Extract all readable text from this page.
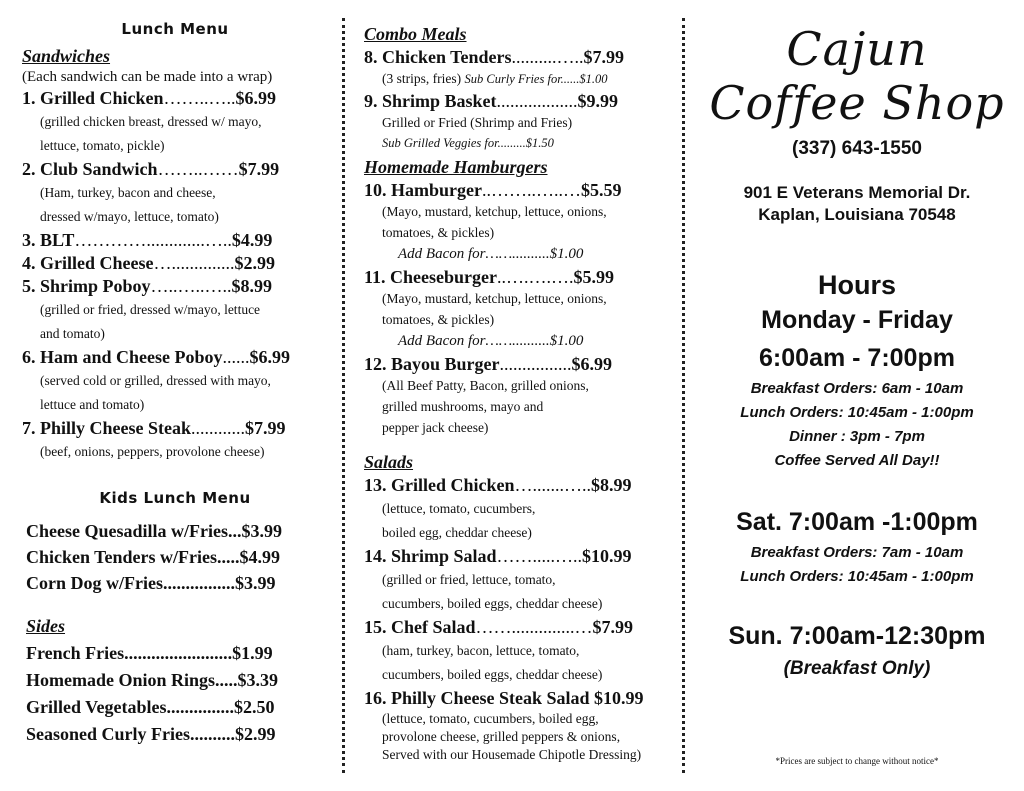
Lunch Menu
Sandwiches
(Each sandwich can be made into a wrap)
1. Grilled Chicken……..…..$6.99
(grilled chicken breast, dressed w/ mayo,
lettuce, tomato, pickle)
2. Club Sandwich……..……$7.99
(Ham, turkey, bacon and cheese,
dressed w/mayo, lettuce, tomato)
3. BLT………….............…..$4.99
4. Grilled Cheese…..............$2.99
5. Shrimp Poboy…..…..…..$8.99
(grilled or fried, dressed w/mayo, lettuce
and tomato)
6. Ham and Cheese Poboy......$6.99
(served cold or grilled, dressed with mayo,
lettuce and tomato)
7. Philly Cheese Steak............$7.99
(beef, onions, peppers, provolone cheese)
Kids Lunch Menu
Cheese Quesadilla w/Fries...$3.99
Chicken Tenders w/Fries.....$4.99
Corn Dog w/Fries................$3.99
Sides
French Fries........................$1.99
Homemade Onion Rings.....$3.39
Grilled Vegetables...............$2.50
Seasoned Curly Fries..........$2.99
Combo Meals
8. Chicken Tenders..........…..$7.99
(3 strips, fries) Sub Curly Fries for......$1.00
9. Shrimp Basket..................$9.99
Grilled or Fried (Shrimp and Fries)
Sub Grilled Veggies for.........$1.50
Homemade Hamburgers
10. Hamburger..……..…..…$5.59
(Mayo, mustard, ketchup, lettuce, onions,
tomatoes, & pickles)
Add Bacon for……..........$1.00
11. Cheeseburger..….….….$5.99
(Mayo, mustard, ketchup, lettuce, onions,
tomatoes, & pickles)
Add Bacon for……..........$1.00
12. Bayou Burger................$6.99
(All Beef Patty, Bacon, grilled onions,
grilled mushrooms, mayo and
pepper jack cheese)
Salads
13. Grilled Chicken….......…..$8.99
(lettuce, tomato, cucumbers,
boiled egg, cheddar cheese)
14. Shrimp Salad…….....…..$10.99
(grilled or fried, lettuce, tomato,
cucumbers, boiled eggs, cheddar cheese)
15. Chef Salad……..............…$7.99
(ham, turkey, bacon, lettuce, tomato,
cucumbers, boiled eggs, cheddar cheese)
16. Philly Cheese Steak Salad $10.99
(lettuce, tomato, cucumbers, boiled egg,
provolone cheese, grilled peppers & onions,
Served with our Housemade Chipotle Dressing)
Cajun
Coffee Shop
(337) 643-1550
901 E Veterans Memorial Dr.
Kaplan, Louisiana 70548
Hours
Monday - Friday
6:00am - 7:00pm
Breakfast Orders: 6am - 10am
Lunch Orders: 10:45am - 1:00pm
Dinner : 3pm - 7pm
Coffee Served All Day!!
Sat. 7:00am -1:00pm
Breakfast Orders: 7am - 10am
Lunch Orders: 10:45am - 1:00pm
Sun. 7:00am-12:30pm
(Breakfast Only)
*Prices are subject to change without notice*
